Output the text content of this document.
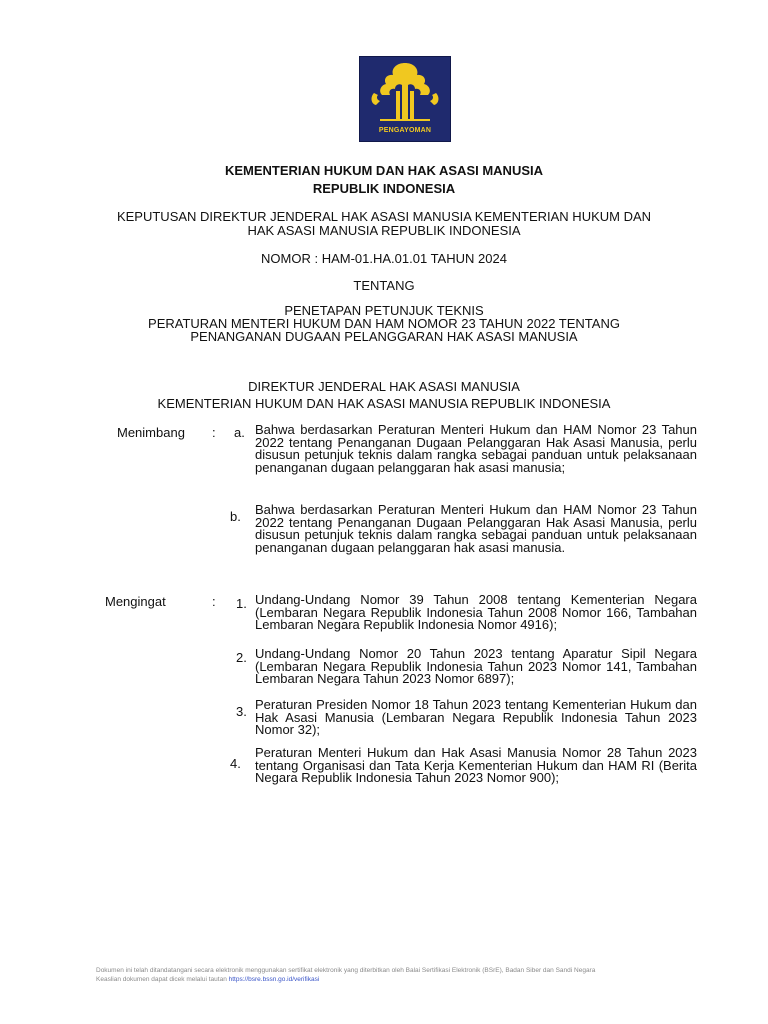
PENGAYOMAN
KEMENTERIAN HUKUM DAN HAK ASASI MANUSIA
REPUBLIK INDONESIA
KEPUTUSAN DIREKTUR JENDERAL HAK ASASI MANUSIA KEMENTERIAN HUKUM DAN
HAK ASASI MANUSIA REPUBLIK INDONESIA
NOMOR : HAM-01.HA.01.01 TAHUN 2024
TENTANG
PENETAPAN PETUNJUK TEKNIS
PERATURAN MENTERI HUKUM DAN HAM NOMOR 23 TAHUN 2022 TENTANG
PENANGANAN DUGAAN PELANGGARAN HAK ASASI MANUSIA
DIREKTUR JENDERAL HAK ASASI MANUSIA
KEMENTERIAN HUKUM DAN HAK ASASI MANUSIA REPUBLIK INDONESIA
Menimbang : a. Bahwa berdasarkan Peraturan Menteri Hukum dan HAM Nomor 23 Tahun 2022 tentang Penanganan Dugaan Pelanggaran Hak Asasi Manusia, perlu disusun petunjuk teknis dalam rangka sebagai panduan untuk pelaksanaan penanganan dugaan pelanggaran hak asasi manusia;
b. Bahwa berdasarkan Peraturan Menteri Hukum dan HAM Nomor 23 Tahun 2022 tentang Penanganan Dugaan Pelanggaran Hak Asasi Manusia, perlu disusun petunjuk teknis dalam rangka sebagai panduan untuk pelaksanaan penanganan dugaan pelanggaran hak asasi manusia.
Mengingat	: 1. Undang-Undang Nomor 39 Tahun 2008 tentang Kementerian Negara (Lembaran Negara Republik Indonesia Tahun 2008 Nomor 166, Tambahan Lembaran Negara Republik Indonesia Nomor 4916);
2. Undang-Undang Nomor 20 Tahun 2023 tentang Aparatur Sipil Negara (Lembaran Negara Republik Indonesia Tahun 2023 Nomor 141, Tambahan Lembaran Negara Tahun 2023 Nomor 6897);
3. Peraturan Presiden Nomor 18 Tahun 2023 tentang Kementerian Hukum dan Hak Asasi Manusia (Lembaran Negara Republik Indonesia Tahun 2023 Nomor 32);
4.
Peraturan Menteri Hukum dan Hak Asasi Manusia Nomor 28 Tahun 2023 tentang Organisasi dan Tata Kerja Kementerian Hukum dan HAM RI (Berita Negara Republik Indonesia Tahun 2023 Nomor 900);
Dokumen ini telah ditandatangani secara elektronik menggunakan sertifikat elektronik yang diterbitkan oleh Balai Sertifikasi Elektronik (BSrE), Badan Siber dan Sandi Negara
Keaslian dokumen dapat dicek melalui tautan https://bsre.bssn.go.id/verifikasi
